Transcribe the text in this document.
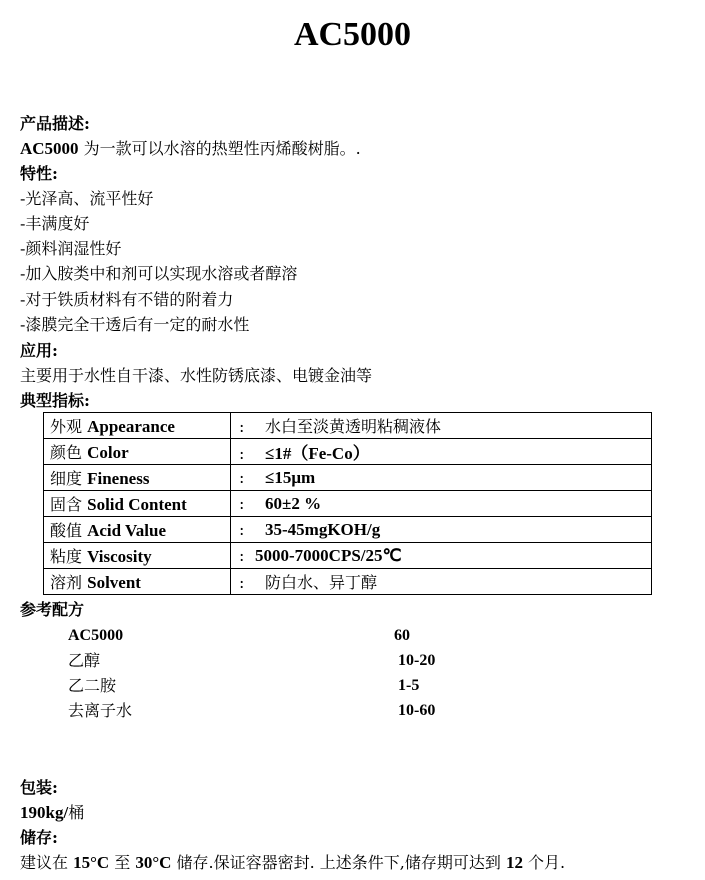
AC5000
产品描述:
AC5000 为一款可以水溶的热塑性丙烯酸树脂。.
特性:
-光泽高、流平性好
-丰满度好
-颜料润湿性好
-加入胺类中和剂可以实现水溶或者醇溶
-对于铁质材料有不错的附着力
-漆膜完全干透后有一定的耐水性
应用:
主要用于水性自干漆、水性防锈底漆、电镀金油等
典型指标:
外观 Appearance	: 水白至淡黄透明粘稠液体
颜色 Color	: ≤1#（Fe-Co）
细度 Fineness	: ≤15μm
固含 Solid Content	: 60±2 %
酸值 Acid Value	: 35-45mgKOH/g
粘度 Viscosity	: 5000-7000CPS/25℃
溶剂 Solvent	: 防白水、异丁醇
参考配方
AC5000	60
乙醇	10-20
乙二胺	1-5
去离子水	10-60
包装:
190kg/桶
储存:
建议在 15°C 至 30°C 储存.保证容器密封. 上述条件下,储存期可达到 12 个月.
